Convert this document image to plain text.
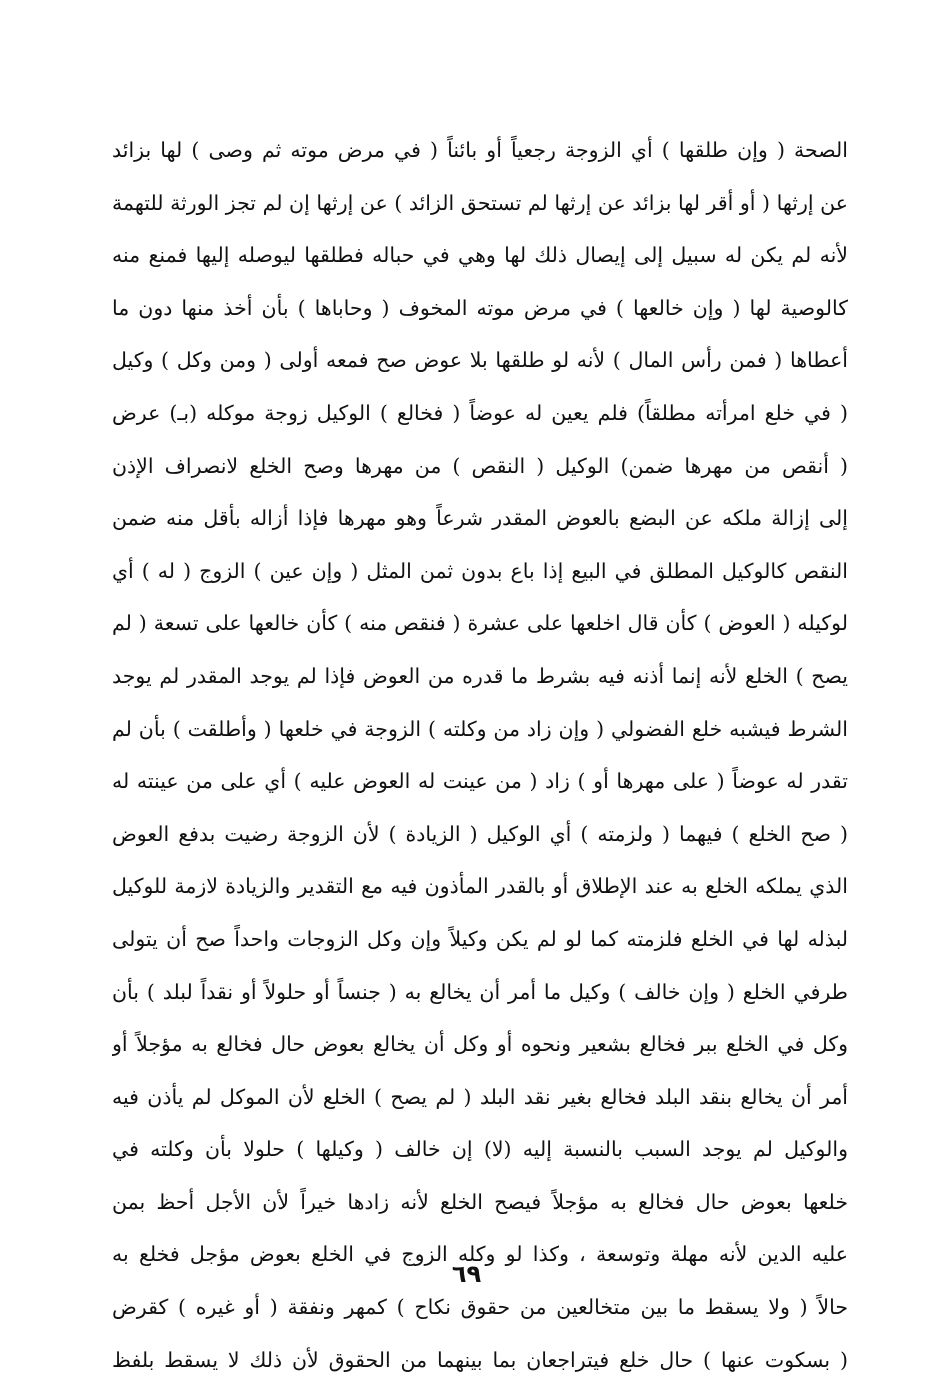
الصحة ( وإن طلقها ) أي الزوجة رجعياً أو بائناً ( في مرض موته ثم وصى ) لها بزائد
عن إرثها ( أو أقر لها بزائد عن إرثها لم تستحق الزائد ) عن إرثها إن لم تجز الورثة للتهمة
لأنه لم يكن له سبيل إلى إيصال ذلك لها وهي في حباله فطلقها ليوصله إليها فمنع منه
كالوصية لها ( وإن خالعها ) في مرض موته المخوف ( وحاباها ) بأن أخذ منها دون ما
أعطاها ( فمن رأس المال ) لأنه لو طلقها بلا عوض صح فمعه أولى ( ومن وكل ) وكيل
( في خلع امرأته مطلقاً) فلم يعين له عوضاً ( فخالع ) الوكيل زوجة موكله (بـ) عرض
( أنقص من مهرها ضمن) الوكيل ( النقص ) من مهرها وصح الخلع لانصراف الإذن
إلى إزالة ملكه عن البضع بالعوض المقدر شرعاً وهو مهرها فإذا أزاله بأقل منه ضمن
النقص كالوكيل المطلق في البيع إذا باع بدون ثمن المثل ( وإن عين ) الزوج ( له ) أي
لوكيله ( العوض ) كأن قال اخلعها على عشرة ( فنقص منه ) كأن خالعها على تسعة ( لم
يصح ) الخلع لأنه إنما أذنه فيه بشرط ما قدره من العوض فإذا لم يوجد المقدر لم يوجد
الشرط فيشبه خلع الفضولي ( وإن زاد من وكلته ) الزوجة في خلعها ( وأطلقت ) بأن لم
تقدر له عوضاً ( على مهرها أو ) زاد ( من عينت له العوض عليه ) أي على من عينته له
( صح الخلع ) فيهما ( ولزمته ) أي الوكيل ( الزيادة ) لأن الزوجة رضيت بدفع العوض
الذي يملكه الخلع به عند الإطلاق أو بالقدر المأذون فيه مع التقدير والزيادة لازمة للوكيل
لبذله لها في الخلع فلزمته كما لو لم يكن وكيلاً وإن وكل الزوجات واحداً صح أن يتولى
طرفي الخلع ( وإن خالف ) وكيل ما أمر أن يخالع به ( جنساً أو حلولاً أو نقداً لبلد ) بأن
وكل في الخلع ببر فخالع بشعير ونحوه أو وكل أن يخالع بعوض حال فخالع به مؤجلاً أو
أمر أن يخالع بنقد البلد فخالع بغير نقد البلد ( لم يصح ) الخلع لأن الموكل لم يأذن فيه
والوكيل لم يوجد السبب بالنسبة إليه (لا) إن خالف ( وكيلها ) حلولا بأن وكلته في
خلعها بعوض حال فخالع به مؤجلاً فيصح الخلع لأنه زادها خيراً لأن الأجل أحظ بمن
عليه الدين لأنه مهلة وتوسعة ، وكذا لو وكله الزوج في الخلع بعوض مؤجل فخلع به
حالاً ( ولا يسقط ما بين متخالعين من حقوق نكاح ) كمهر ونفقة ( أو غيره ) كقرض
( بسكوت عنها ) حال خلع فيتراجعان بما بينهما من الحقوق لأن ذلك لا يسقط بلفظ
٦٩
